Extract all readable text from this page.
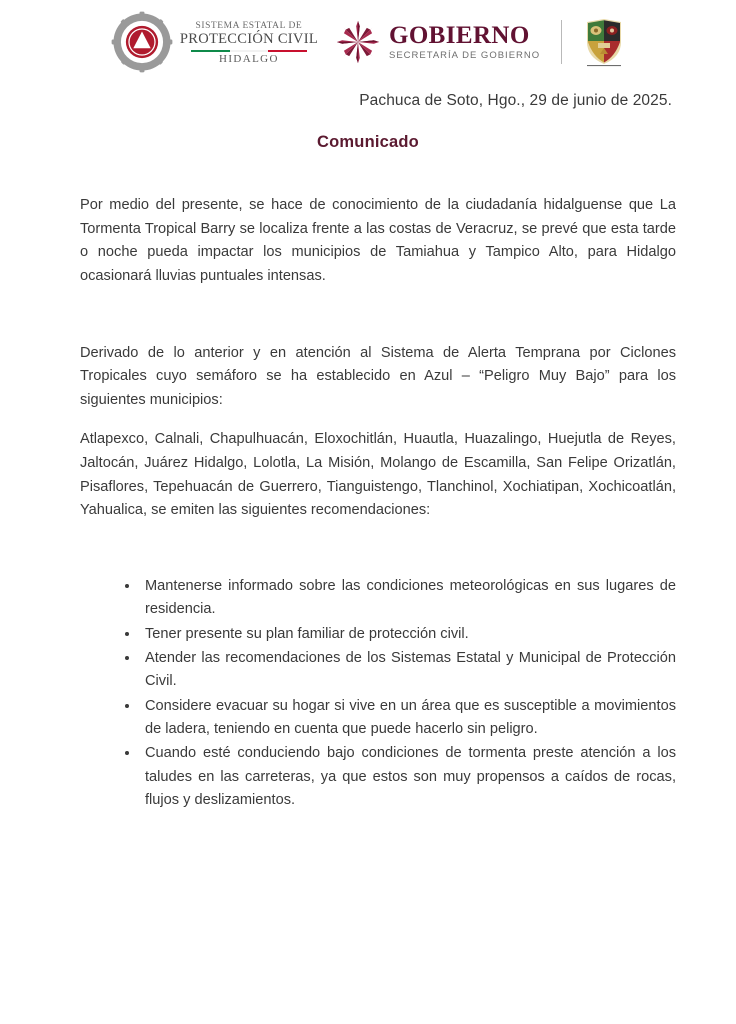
SISTEMA ESTATAL DE
PROTECCIÓN CIVIL
HIDALGO
GOBIERNO
SECRETARÍA DE GOBIERNO
Pachuca de Soto, Hgo., 29 de junio de 2025.
Comunicado

Por medio del presente, se hace de conocimiento de la ciudadanía hidalguense que La Tormenta Tropical Barry se localiza frente a las costas de Veracruz, se prevé que esta tarde o noche pueda impactar los municipios de Tamiahua y Tampico Alto, para Hidalgo ocasionará lluvias puntuales intensas.

Derivado de lo anterior y en atención al Sistema de Alerta Temprana por Ciclones Tropicales cuyo semáforo se ha establecido en Azul – “Peligro Muy Bajo” para los siguientes municipios:

Atlapexco, Calnali, Chapulhuacán, Eloxochitlán, Huautla, Huazalingo, Huejutla de Reyes, Jaltocán, Juárez Hidalgo, Lolotla, La Misión, Molango de Escamilla, San Felipe Orizatlán, Pisaflores, Tepehuacán de Guerrero, Tianguistengo, Tlanchinol, Xochiatipan, Xochicoatlán, Yahualica, se emiten las siguientes recomendaciones:

Mantenerse informado sobre las condiciones meteorológicas en sus lugares de residencia.
Tener presente su plan familiar de protección civil.
Atender las recomendaciones de los Sistemas Estatal y Municipal de Protección Civil.
Considere evacuar su hogar si vive en un área que es susceptible a movimientos de ladera, teniendo en cuenta que puede hacerlo sin peligro.
Cuando esté conduciendo bajo condiciones de tormenta preste atención a los taludes en las carreteras, ya que estos son muy propensos a caídos de rocas, flujos y deslizamientos.
